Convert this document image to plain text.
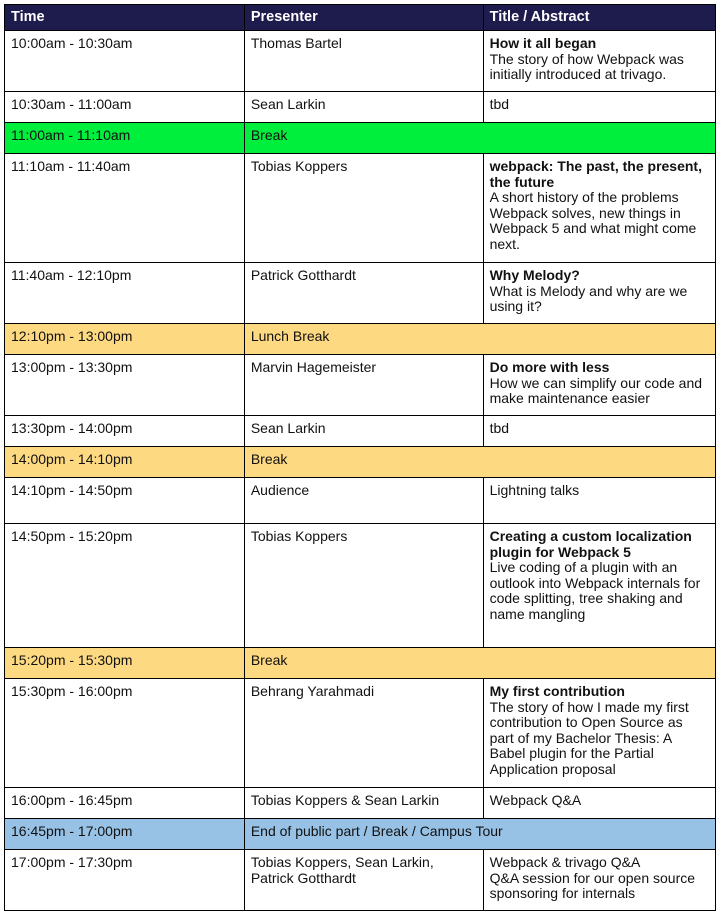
Time	Presenter	Title / Abstract
10:00am - 10:30am	Thomas Bartel	How it all began
The story of how Webpack was initially introduced at trivago.

10:30am - 11:00am	Sean Larkin	tbd

11:00am - 11:10am	Break	
11:10am - 11:40am	Tobias Koppers	webpack: The past, the present, the future
A short history of the problems Webpack solves, new things in Webpack 5 and what might come next.

11:40am - 12:10pm	Patrick Gotthardt	Why Melody?
What is Melody and why are we using it?

12:10pm - 13:00pm	Lunch Break	
13:00pm - 13:30pm	Marvin Hagemeister	Do more with less
How we can simplify our code and make maintenance easier

13:30pm - 14:00pm	Sean Larkin	tbd

14:00pm - 14:10pm	Break	
14:10pm - 14:50pm	Audience	Lightning talks

14:50pm - 15:20pm	Tobias Koppers	Creating a custom localization plugin for Webpack 5
Live coding of a plugin with an outlook into Webpack internals for code splitting, tree shaking and name mangling

15:20pm - 15:30pm	Break	
15:30pm - 16:00pm	Behrang Yarahmadi	My first contribution
The story of how I made my first contribution to Open Source as part of my Bachelor Thesis: A Babel plugin for the Partial Application proposal

16:00pm - 16:45pm	Tobias Koppers & Sean Larkin	Webpack Q&A

16:45pm - 17:00pm	End of public part / Break / Campus Tour	
17:00pm - 17:30pm	Tobias Koppers, Sean Larkin, Patrick Gotthardt	Webpack & trivago Q&A
Q&A session for our open source sponsoring for internals
